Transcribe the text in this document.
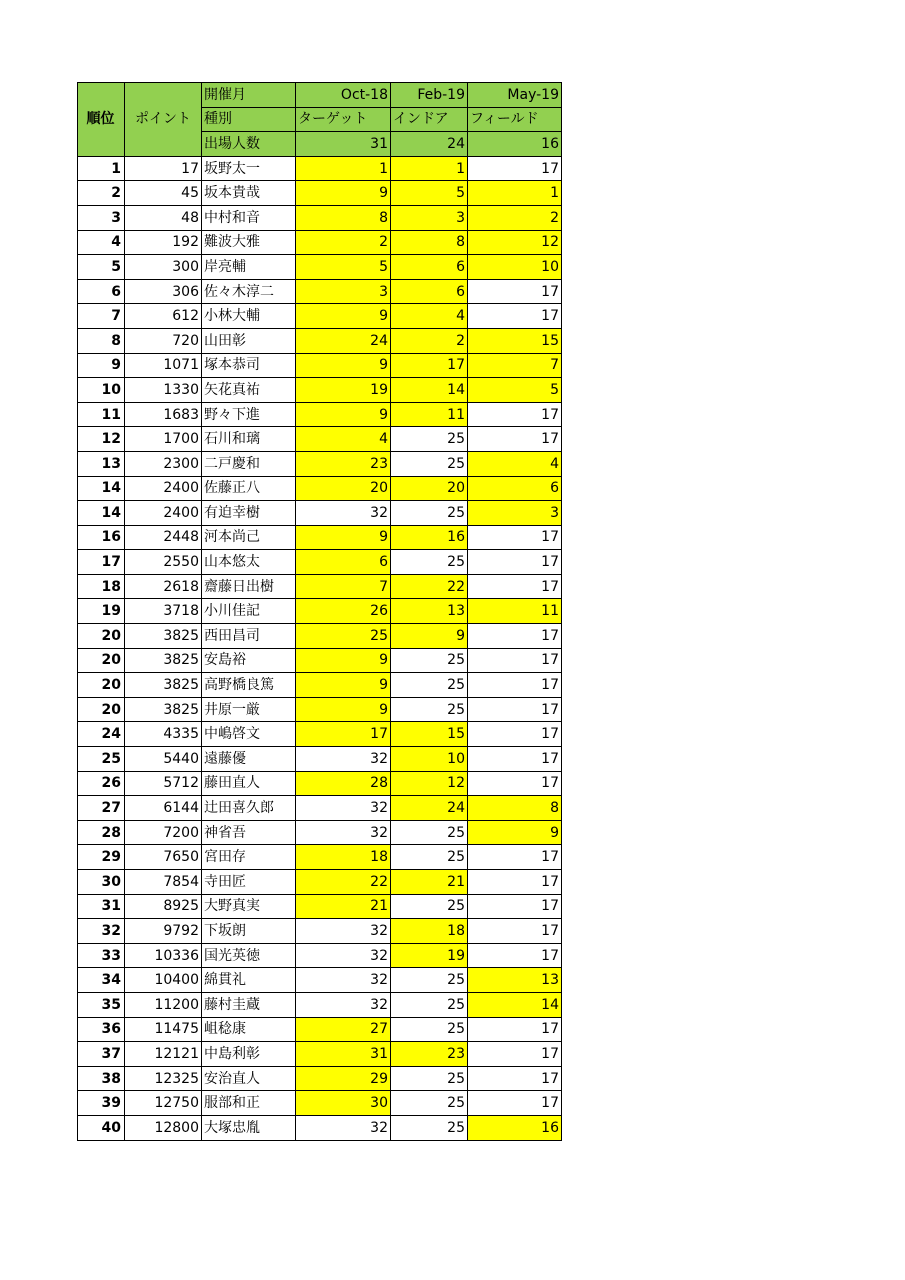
順位	ポイント	開催月	Oct-18	Feb-19	May-19
		種別	ターゲット	インドア	フィールド
		出場人数	31	24	16
1	17	坂野太一	1	1	17
2	45	坂本貴哉	9	5	1
3	48	中村和音	8	3	2
4	192	難波大雅	2	8	12
5	300	岸亮輔	5	6	10
6	306	佐々木淳二	3	6	17
7	612	小林大輔	9	4	17
8	720	山田彰	24	2	15
9	1071	塚本恭司	9	17	7
10	1330	矢花真祐	19	14	5
11	1683	野々下進	9	11	17
12	1700	石川和璃	4	25	17
13	2300	二戸慶和	23	25	4
14	2400	佐藤正八	20	20	6
14	2400	有迫幸樹	32	25	3
16	2448	河本尚己	9	16	17
17	2550	山本悠太	6	25	17
18	2618	齋藤日出樹	7	22	17
19	3718	小川佳記	26	13	11
20	3825	西田昌司	25	9	17
20	3825	安島裕	9	25	17
20	3825	高野橋良篤	9	25	17
20	3825	井原一厳	9	25	17
24	4335	中嶋啓文	17	15	17
25	5440	遠藤優	32	10	17
26	5712	藤田直人	28	12	17
27	6144	辻田喜久郎	32	24	8
28	7200	神省吾	32	25	9
29	7650	宮田存	18	25	17
30	7854	寺田匠	22	21	17
31	8925	大野真実	21	25	17
32	9792	下坂朗	32	18	17
33	10336	国光英徳	32	19	17
34	10400	綿貫礼	32	25	13
35	11200	藤村圭蔵	32	25	14
36	11475	岨稔康	27	25	17
37	12121	中島利彰	31	23	17
38	12325	安治直人	29	25	17
39	12750	服部和正	30	25	17
40	12800	大塚忠胤	32	25	16
